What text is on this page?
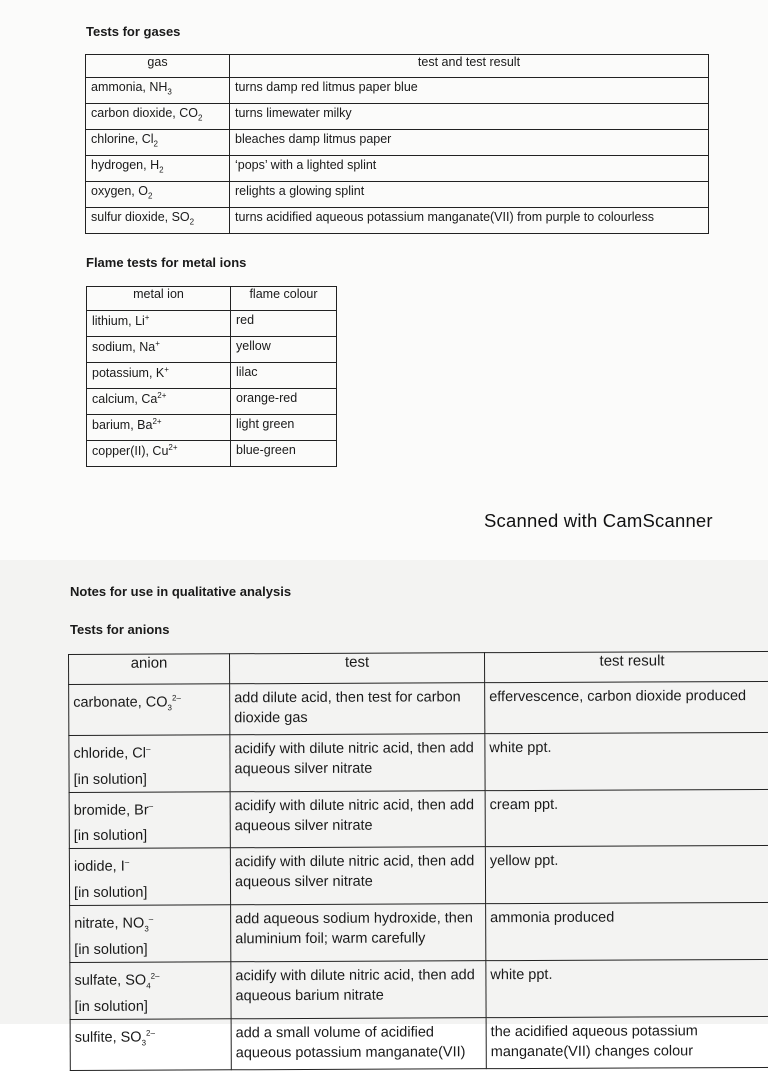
Tests for gases
gas	test and test result
ammonia, $NH_3$	turns damp red litmus paper blue
carbon dioxide, $CO_2$	turns limewater milky
chlorine, $Cl_2$	bleaches damp litmus paper
hydrogen, $H_2$	‘pops’ with a lighted splint
oxygen, $O_2$	relights a glowing splint
sulfur dioxide, $SO_2$	turns acidified aqueous potassium manganate(VII) from purple to colourless
Flame tests for metal ions
metal ion	flame colour
lithium, Li+	red
sodium, Na+	yellow
potassium, K+	lilac
calcium, $Ca^{2+}$	orange-red
barium, $Ba^{2+}$	light green
copper(II), $Cu^{2+}$	blue-green
Scanned with CamScanner
Notes for use in qualitative analysis
Tests for anions
anion	test	test result
carbonate, $CO_3^{2-}$	add dilute acid, then test for carbon dioxide gas	effervescence, carbon dioxide produced
chloride, Cl–
[in solution]	acidify with dilute nitric acid, then add aqueous silver nitrate	white ppt.
bromide, Br–
[in solution]	acidify with dilute nitric acid, then add aqueous silver nitrate	cream ppt.
iodide, I–
[in solution]	acidify with dilute nitric acid, then add aqueous silver nitrate	yellow ppt.
nitrate, $NO_3^-$
[in solution]	add aqueous sodium hydroxide, then aluminium foil; warm carefully	ammonia produced
sulfate, $SO_4^{2-}$
[in solution]	acidify with dilute nitric acid, then add aqueous barium nitrate	white ppt.
sulfite, $SO_3^{2-}$	add a small volume of acidified aqueous potassium manganate(VII)	the acidified aqueous potassium manganate(VII) changes colour
